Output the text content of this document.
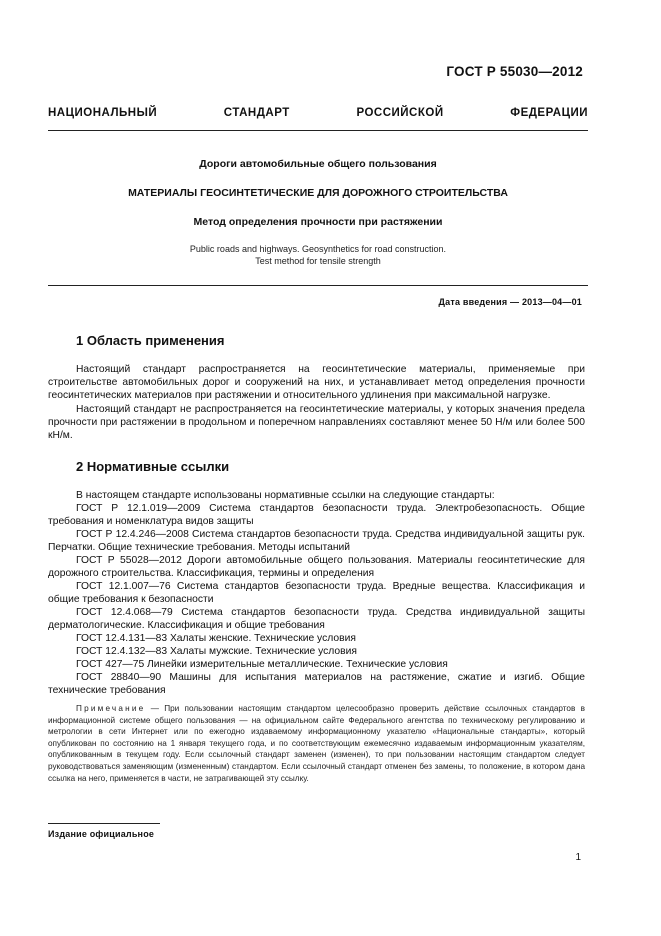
ГОСТ Р 55030—2012
НАЦИОНАЛЬНЫЙ СТАНДАРТ РОССИЙСКОЙ ФЕДЕРАЦИИ
Дороги автомобильные общего пользования
МАТЕРИАЛЫ ГЕОСИНТЕТИЧЕСКИЕ ДЛЯ ДОРОЖНОГО СТРОИТЕЛЬСТВА
Метод определения прочности при растяжении
Public roads and highways. Geosynthetics for road construction.
Test method for tensile strength
Дата введения — 2013—04—01
1 Область применения
Настоящий стандарт распространяется на геосинтетические материалы, применяемые при строительстве автомобильных дорог и сооружений на них, и устанавливает метод определения прочности геосинтетических материалов при растяжении и относительного удлинения при максимальной нагрузке.
Настоящий стандарт не распространяется на геосинтетические материалы, у которых значения предела прочности при растяжении в продольном и поперечном направлениях составляют менее 50 Н/м или более 500 кН/м.
2 Нормативные ссылки
В настоящем стандарте использованы нормативные ссылки на следующие стандарты:
ГОСТ Р 12.1.019—2009 Система стандартов безопасности труда. Электробезопасность. Общие требования и номенклатура видов защиты
ГОСТ Р 12.4.246—2008 Система стандартов безопасности труда. Средства индивидуальной защиты рук. Перчатки. Общие технические требования. Методы испытаний
ГОСТ Р 55028—2012 Дороги автомобильные общего пользования. Материалы геосинтетические для дорожного строительства. Классификация, термины и определения
ГОСТ 12.1.007—76 Система стандартов безопасности труда. Вредные вещества. Классификация и общие требования к безопасности
ГОСТ 12.4.068—79 Система стандартов безопасности труда. Средства индивидуальной защиты дерматологические. Классификация и общие требования
ГОСТ 12.4.131—83 Халаты женские. Технические условия
ГОСТ 12.4.132—83 Халаты мужские. Технические условия
ГОСТ 427—75 Линейки измерительные металлические. Технические условия
ГОСТ 28840—90 Машины для испытания материалов на растяжение, сжатие и изгиб. Общие технические требования
Примечание — При пользовании настоящим стандартом целесообразно проверить действие ссылочных стандартов в информационной системе общего пользования — на официальном сайте Федерального агентства по техническому регулированию и метрологии в сети Интернет или по ежегодно издаваемому информационному указателю «Национальные стандарты», который опубликован по состоянию на 1 января текущего года, и по соответствующим ежемесячно издаваемым информационным указателям, опубликованным в текущем году. Если ссылочный стандарт заменен (изменен), то при пользовании настоящим стандартом следует руководствоваться заменяющим (измененным) стандартом. Если ссылочный стандарт отменен без замены, то положение, в котором дана ссылка на него, применяется в части, не затрагивающей эту ссылку.
Издание официальное
1
